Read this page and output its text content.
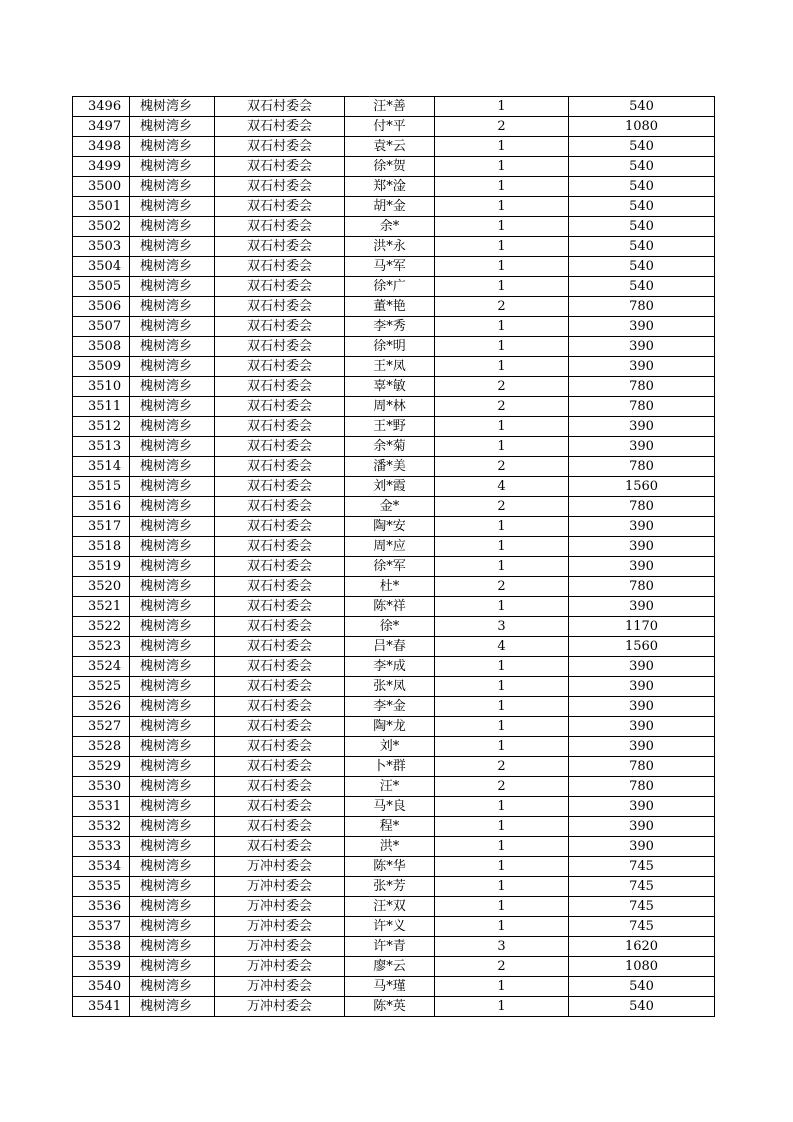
3496	槐树湾乡	双石村委会	汪*善	1	540
3497	槐树湾乡	双石村委会	付*平	2	1080
3498	槐树湾乡	双石村委会	袁*云	1	540
3499	槐树湾乡	双石村委会	徐*贺	1	540
3500	槐树湾乡	双石村委会	郑*淦	1	540
3501	槐树湾乡	双石村委会	胡*金	1	540
3502	槐树湾乡	双石村委会	余*	1	540
3503	槐树湾乡	双石村委会	洪*永	1	540
3504	槐树湾乡	双石村委会	马*军	1	540
3505	槐树湾乡	双石村委会	徐*广	1	540
3506	槐树湾乡	双石村委会	董*艳	2	780
3507	槐树湾乡	双石村委会	李*秀	1	390
3508	槐树湾乡	双石村委会	徐*明	1	390
3509	槐树湾乡	双石村委会	王*凤	1	390
3510	槐树湾乡	双石村委会	辜*敏	2	780
3511	槐树湾乡	双石村委会	周*林	2	780
3512	槐树湾乡	双石村委会	王*野	1	390
3513	槐树湾乡	双石村委会	余*菊	1	390
3514	槐树湾乡	双石村委会	潘*美	2	780
3515	槐树湾乡	双石村委会	刘*霞	4	1560
3516	槐树湾乡	双石村委会	金*	2	780
3517	槐树湾乡	双石村委会	陶*安	1	390
3518	槐树湾乡	双石村委会	周*应	1	390
3519	槐树湾乡	双石村委会	徐*军	1	390
3520	槐树湾乡	双石村委会	杜*	2	780
3521	槐树湾乡	双石村委会	陈*祥	1	390
3522	槐树湾乡	双石村委会	徐*	3	1170
3523	槐树湾乡	双石村委会	吕*春	4	1560
3524	槐树湾乡	双石村委会	李*成	1	390
3525	槐树湾乡	双石村委会	张*凤	1	390
3526	槐树湾乡	双石村委会	李*金	1	390
3527	槐树湾乡	双石村委会	陶*龙	1	390
3528	槐树湾乡	双石村委会	刘*	1	390
3529	槐树湾乡	双石村委会	卜*群	2	780
3530	槐树湾乡	双石村委会	汪*	2	780
3531	槐树湾乡	双石村委会	马*良	1	390
3532	槐树湾乡	双石村委会	程*	1	390
3533	槐树湾乡	双石村委会	洪*	1	390
3534	槐树湾乡	万冲村委会	陈*华	1	745
3535	槐树湾乡	万冲村委会	张*芳	1	745
3536	槐树湾乡	万冲村委会	汪*双	1	745
3537	槐树湾乡	万冲村委会	许*义	1	745
3538	槐树湾乡	万冲村委会	许*青	3	1620
3539	槐树湾乡	万冲村委会	廖*云	2	1080
3540	槐树湾乡	万冲村委会	马*瑾	1	540
3541	槐树湾乡	万冲村委会	陈*英	1	540
